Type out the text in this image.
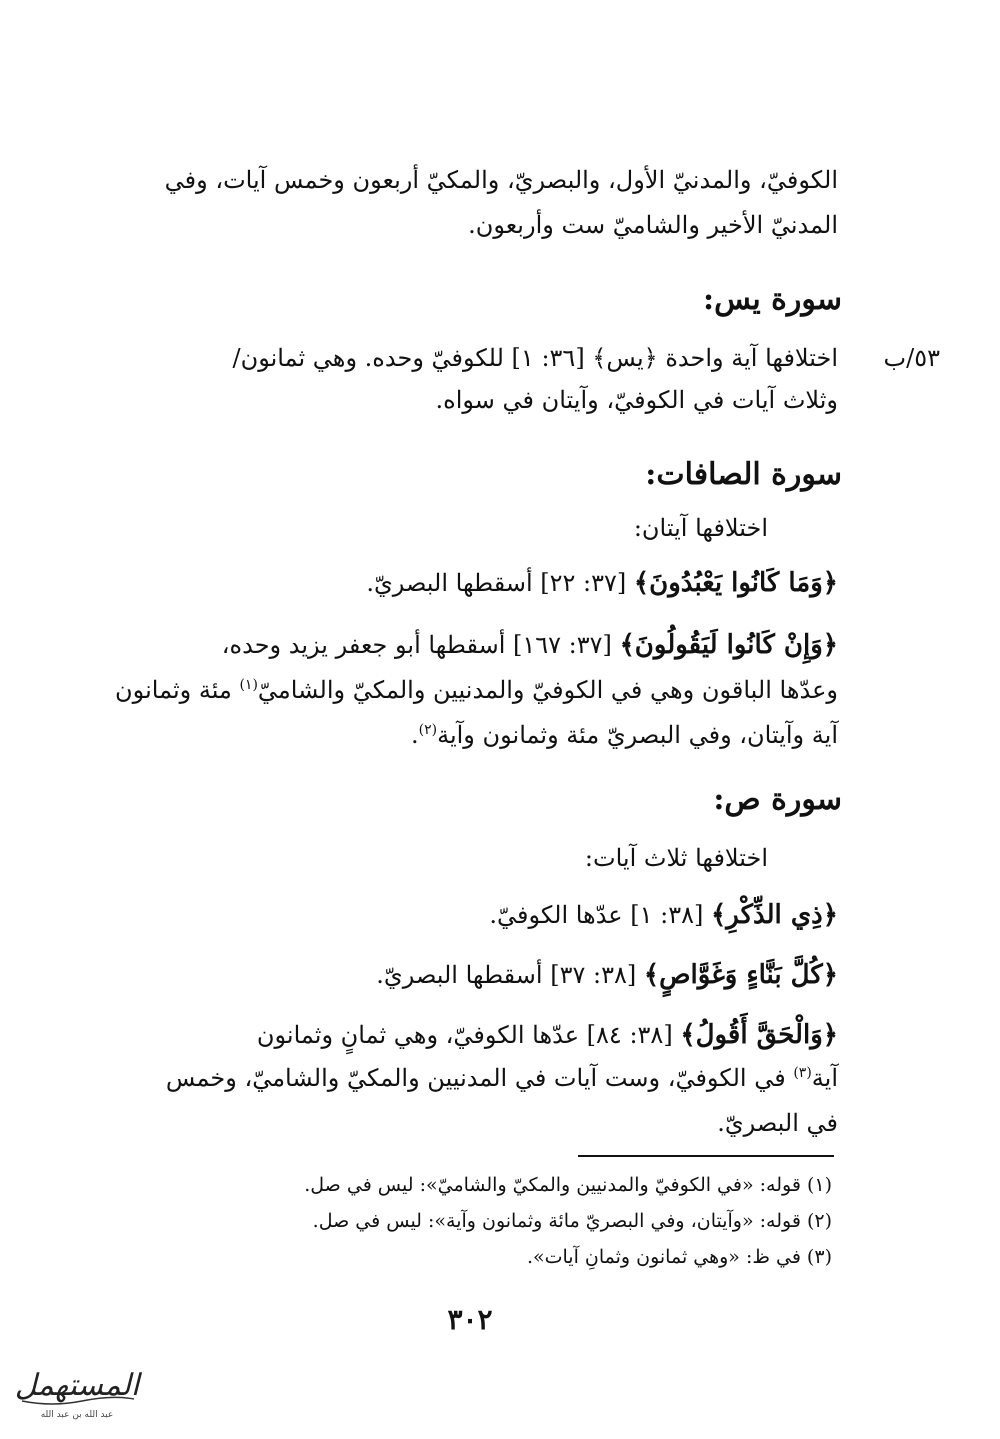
الكوفيّ، والمدنيّ الأول، والبصريّ، والمكيّ أربعون وخمس آيات، وفي
المدنيّ الأخير والشاميّ ست وأربعون.
سورة يس:
٥٣/ب
اختلافها آية واحدة ﴿يس﴾ [٣٦: ١] للكوفيّ وحده. وهي ثمانون/
وثلاث آيات في الكوفيّ، وآيتان في سواه.
سورة الصافات:
اختلافها آيتان:
﴿وَمَا كَانُوا يَعْبُدُونَ﴾ [٣٧: ٢٢] أسقطها البصريّ.
﴿وَإِنْ كَانُوا لَيَقُولُونَ﴾ [٣٧: ١٦٧] أسقطها أبو جعفر يزيد وحده،
وعدّها الباقون وهي في الكوفيّ والمدنيين والمكيّ والشاميّ$^{(١)}$ مئة وثمانون
آية وآيتان، وفي البصريّ مئة وثمانون وآية$^{(٢)}$.
سورة ص:
اختلافها ثلاث آيات:
﴿ذِي الذِّكْرِ﴾ [٣٨: ١] عدّها الكوفيّ.
﴿كُلَّ بَنَّاءٍ وَغَوَّاصٍ﴾ [٣٨: ٣٧] أسقطها البصريّ.
﴿وَالْحَقَّ أَقُولُ﴾ [٣٨: ٨٤] عدّها الكوفيّ، وهي ثمانٍ وثمانون
آية$^{(٣)}$ في الكوفيّ، وست آيات في المدنيين والمكيّ والشاميّ، وخمس
في البصريّ.
(١) قوله: «في الكوفيّ والمدنيين والمكيّ والشاميّ»: ليس في صل.
(٢) قوله: «وآيتان، وفي البصريّ مائة وثمانون وآية»: ليس في صل.
(٣) في ظ: «وهي ثمانون وثمانِ آيات».
٣٠٢
المستهمل
عبد الله بن عبد الله
